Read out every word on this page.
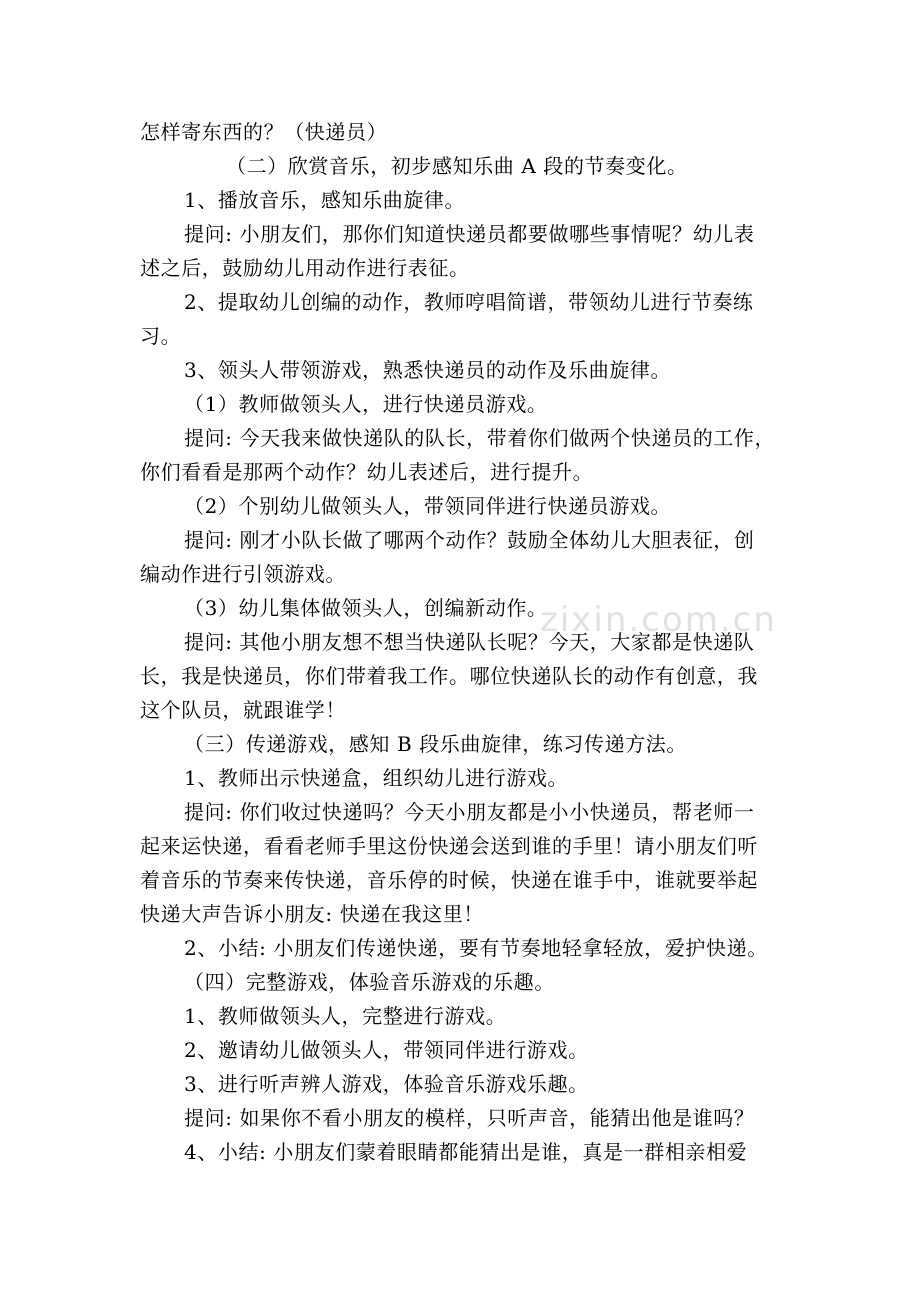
怎样寄东西的？（快递员）
（二）欣赏音乐，初步感知乐曲 A 段的节奏变化。
1、播放音乐，感知乐曲旋律。
提问: 小朋友们，那你们知道快递员都要做哪些事情呢？幼儿表
述之后，鼓励幼儿用动作进行表征。
2、提取幼儿创编的动作，教师哼唱简谱，带领幼儿进行节奏练
习。
3、领头人带领游戏，熟悉快递员的动作及乐曲旋律。
（1）教师做领头人，进行快递员游戏。
提问: 今天我来做快递队的队长，带着你们做两个快递员的工作，
你们看看是那两个动作？幼儿表述后，进行提升。
（2）个别幼儿做领头人，带领同伴进行快递员游戏。
提问: 刚才小队长做了哪两个动作？鼓励全体幼儿大胆表征，创
编动作进行引领游戏。
（3）幼儿集体做领头人，创编新动作。
提问: 其他小朋友想不想当快递队长呢？今天，大家都是快递队
长，我是快递员，你们带着我工作。哪位快递队长的动作有创意，我
这个队员，就跟谁学！
（三）传递游戏，感知 B 段乐曲旋律，练习传递方法。
1、教师出示快递盒，组织幼儿进行游戏。
提问: 你们收过快递吗？今天小朋友都是小小快递员，帮老师一
起来运快递，看看老师手里这份快递会送到谁的手里！请小朋友们听
着音乐的节奏来传快递，音乐停的时候，快递在谁手中，谁就要举起
快递大声告诉小朋友: 快递在我这里！
2、小结: 小朋友们传递快递，要有节奏地轻拿轻放，爱护快递。
（四）完整游戏，体验音乐游戏的乐趣。
1、教师做领头人，完整进行游戏。
2、邀请幼儿做领头人，带领同伴进行游戏。
3、进行听声辨人游戏，体验音乐游戏乐趣。
提问: 如果你不看小朋友的模样，只听声音，能猜出他是谁吗？
4、小结: 小朋友们蒙着眼睛都能猜出是谁，真是一群相亲相爱
zixin.com.cn
